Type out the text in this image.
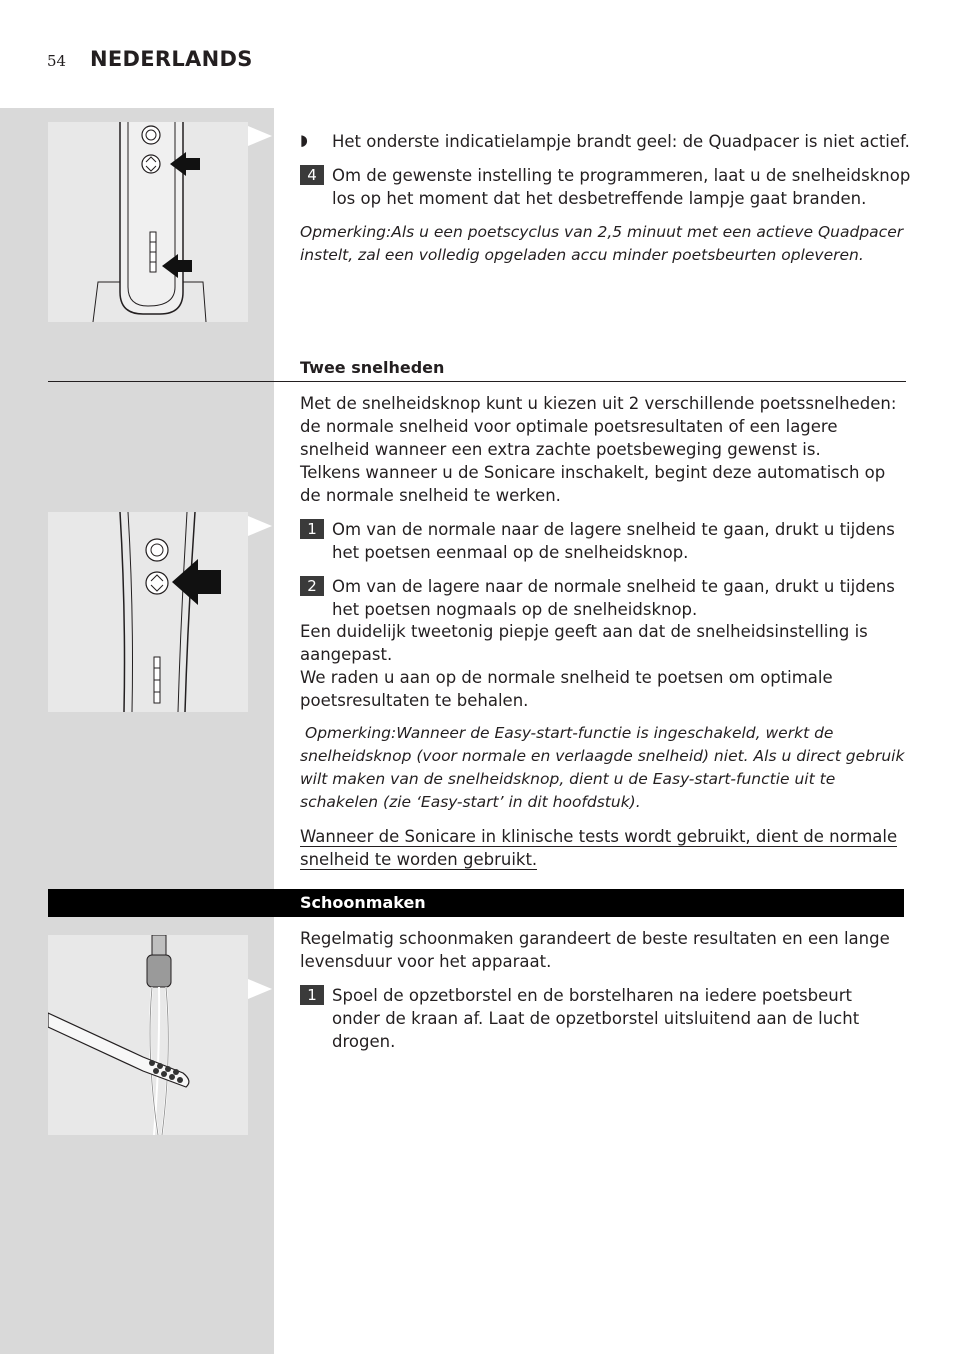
54 NEDERLANDS
◗ Het onderste indicatielampje brandt geel: de Quadpacer is niet actief.
4 Om de gewenste instelling te programmeren, laat u de snelheidsknop los op het moment dat het desbetreffende lampje gaat branden.
Opmerking:Als u een poetscyclus van 2,5 minuut met een actieve Quadpacer instelt, zal een volledig opgeladen accu minder poetsbeurten opleveren.
Twee snelheden
Met de snelheidsknop kunt u kiezen uit 2 verschillende poetssnelheden: de normale snelheid voor optimale poetsresultaten of een lagere snelheid wanneer een extra zachte poetsbeweging gewenst is.
Telkens wanneer u de Sonicare inschakelt, begint deze automatisch op de normale snelheid te werken.
1 Om van de normale naar de lagere snelheid te gaan, drukt u tijdens het poetsen eenmaal op de snelheidsknop.
2 Om van de lagere naar de normale snelheid te gaan, drukt u tijdens het poetsen nogmaals op de snelheidsknop.
Een duidelijk tweetonig piepje geeft aan dat de snelheidsinstelling is aangepast.
We raden u aan op de normale snelheid te poetsen om optimale poetsresultaten te behalen.
Opmerking:Wanneer de Easy-start-functie is ingeschakeld, werkt de snelheidsknop (voor normale en verlaagde snelheid) niet. Als u direct gebruik wilt maken van de snelheidsknop, dient u de Easy-start-functie uit te schakelen (zie ‘Easy-start’ in dit hoofdstuk).
Wanneer de Sonicare in klinische tests wordt gebruikt, dient de normale snelheid te worden gebruikt.
Schoonmaken
Regelmatig schoonmaken garandeert de beste resultaten en een lange levensduur voor het apparaat.
1 Spoel de opzetborstel en de borstelharen na iedere poetsbeurt onder de kraan af. Laat de opzetborstel uitsluitend aan de lucht drogen.
